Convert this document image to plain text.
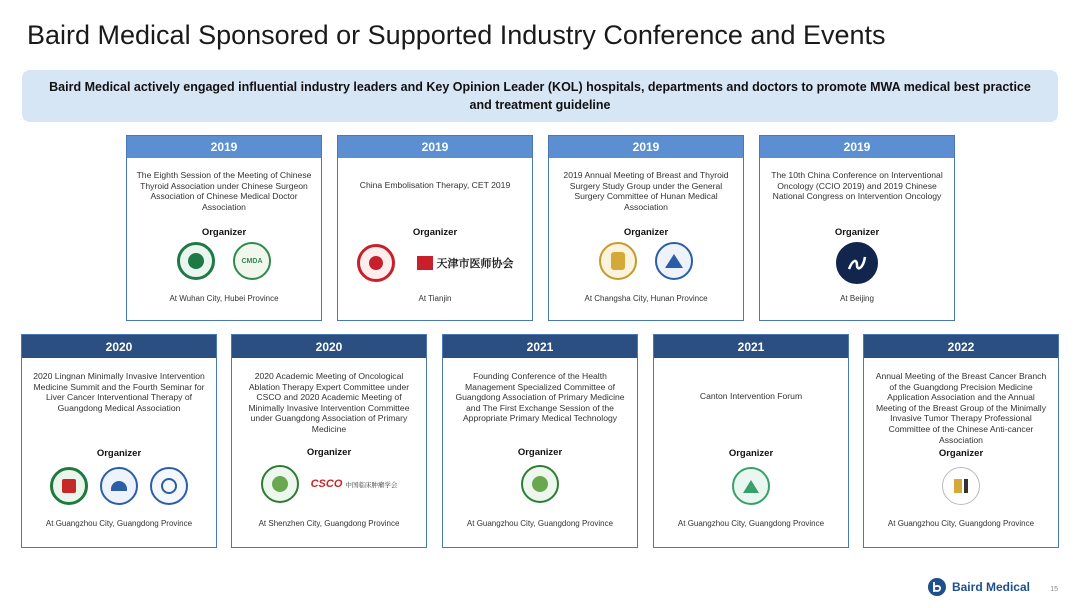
Baird Medical Sponsored or Supported Industry Conference and Events
Baird Medical actively engaged influential industry leaders and Key Opinion Leader (KOL) hospitals, departments and doctors to promote MWA medical best practice and treatment guideline
2019
The Eighth Session of the Meeting of Chinese Thyroid Association under Chinese Surgeon Association of Chinese Medical Doctor Association
Organizer
CMDA
At Wuhan City, Hubei Province
2019
China Embolisation Therapy, CET 2019
Organizer
天津市医师协会
At Tianjin
2019
2019 Annual Meeting of Breast and Thyroid Surgery Study Group under the General Surgery Committee of Hunan Medical Association
Organizer
At Changsha City, Hunan Province
2019
The 10th China Conference on Interventional Oncology (CCIO 2019) and 2019 Chinese National Congress on Intervention Oncology
Organizer
At Beijing
2020
2020 Lingnan Minimally Invasive Intervention Medicine Summit and the Fourth Seminar for Liver Cancer Interventional Therapy of Guangdong Medical Association
Organizer
At Guangzhou City, Guangdong Province
2020
2020 Academic Meeting of Oncological Ablation Therapy Expert Committee under CSCO and 2020 Academic Meeting of Minimally Invasive Intervention Committee under Guangdong Association of Primary Medicine
Organizer
CSCO 中国临床肿瘤学会
At Shenzhen City, Guangdong Province
2021
Founding Conference of the Health Management Specialized Committee of Guangdong Association of Primary Medicine and The First Exchange Session of the Appropriate Primary Medical Technology
Organizer
At Guangzhou City, Guangdong Province
2021
Canton Intervention Forum
Organizer
At Guangzhou City, Guangdong Province
2022
Annual Meeting of the Breast Cancer Branch of the Guangdong Precision Medicine Application Association and the Annual Meeting of the Breast Group of the Minimally Invasive Tumor Therapy Professional Committee of the Chinese Anti-cancer Association
Organizer
At Guangzhou City, Guangdong Province
Baird Medical	15
